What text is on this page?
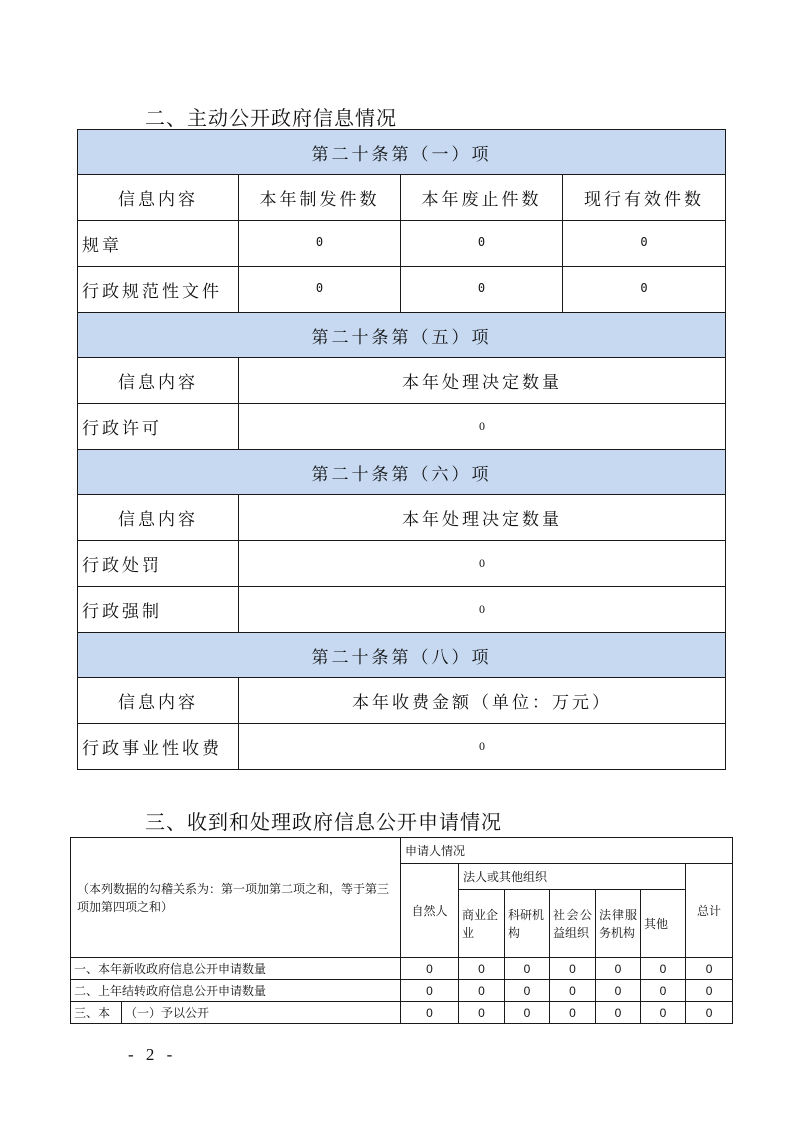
二、主动公开政府信息情况
第二十条第（一）项			
信息内容	本年制发件数	本年废止件数	现行有效件数
规章	0	0	0
行政规范性文件	0	0	0
第二十条第（五）项			
信息内容	本年处理决定数量		
行政许可	0		
第二十条第（六）项			
信息内容	本年处理决定数量		
行政处罚	0		
行政强制	0		
第二十条第（八）项			
信息内容	本年收费金额（单位：万元）		
行政事业性收费	0		
三、收到和处理政府信息公开申请情况
（本列数据的勾稽关系为：第一项加第二项之和，等于第三项加第四项之和）		申请人情况						
		自然人	法人或其他组织					总计
			商业企业	科研机构	社会公益组织	法律服务机构	其他	
一、本年新收政府信息公开申请数量		0	0	0	0	0	0	0
二、上年结转政府信息公开申请数量		0	0	0	0	0	0	0
三、本	（一）予以公开	0	0	0	0	0	0	0
- 2 -
